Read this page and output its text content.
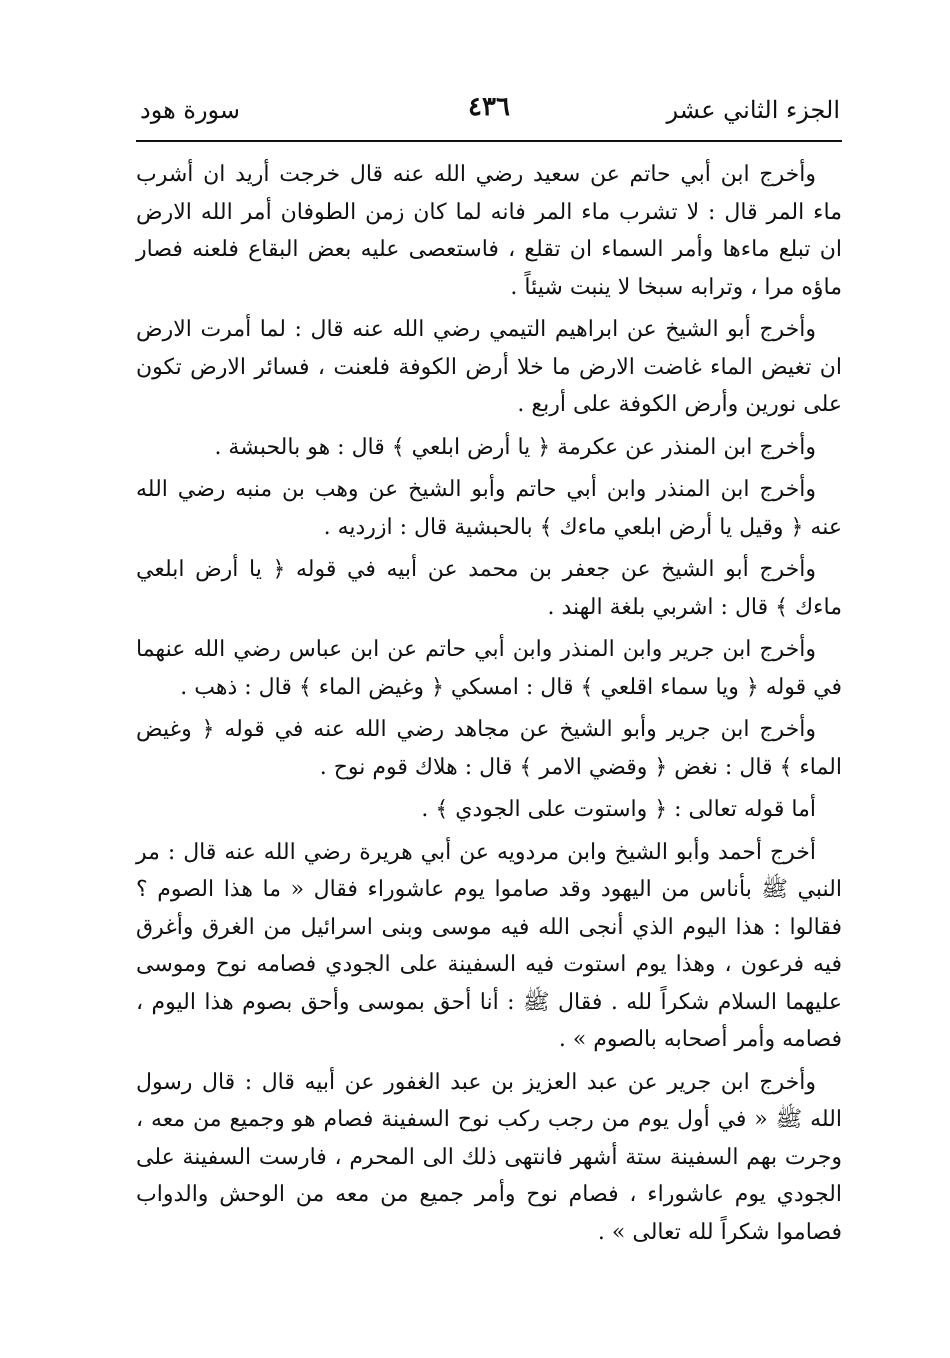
الجزء الثاني عشر
٤٣٦
سورة هود

وأخرج ابن أبي حاتم عن سعيد رضي الله عنه قال خرجت أريد ان أشرب ماء المر قال : لا تشرب ماء المر فانه لما كان زمن الطوفان أمر الله الارض ان تبلع ماءها وأمر السماء ان تقلع ، فاستعصى عليه بعض البقاع فلعنه فصار ماؤه مرا ، وترابه سبخا لا ينبت شيئاً .

وأخرج أبو الشيخ عن ابراهيم التيمي رضي الله عنه قال : لما أمرت الارض ان تغيض الماء غاضت الارض ما خلا أرض الكوفة فلعنت ، فسائر الارض تكون على نورين وأرض الكوفة على أربع .

وأخرج ابن المنذر عن عكرمة ﴿ يا أرض ابلعي ﴾ قال : هو بالحبشة .

وأخرج ابن المنذر وابن أبي حاتم وأبو الشيخ عن وهب بن منبه رضي الله عنه ﴿ وقيل يا أرض ابلعي ماءك ﴾ بالحبشية قال : ازرديه .

وأخرج أبو الشيخ عن جعفر بن محمد عن أبيه في قوله ﴿ يا أرض ابلعي ماءك ﴾ قال : اشربي بلغة الهند .

وأخرج ابن جرير وابن المنذر وابن أبي حاتم عن ابن عباس رضي الله عنهما في قوله ﴿ ويا سماء اقلعي ﴾ قال : امسكي ﴿ وغيض الماء ﴾ قال : ذهب .

وأخرج ابن جرير وأبو الشيخ عن مجاهد رضي الله عنه في قوله ﴿ وغيض الماء ﴾ قال : نغض ﴿ وقضي الامر ﴾ قال : هلاك قوم نوح .

أما قوله تعالى : ﴿ واستوت على الجودي ﴾ .

أخرج أحمد وأبو الشيخ وابن مردويه عن أبي هريرة رضي الله عنه قال : مر النبي ﷺ بأناس من اليهود وقد صاموا يوم عاشوراء فقال « ما هذا الصوم ؟ فقالوا : هذا اليوم الذي أنجى الله فيه موسى وبنى اسرائيل من الغرق وأغرق فيه فرعون ، وهذا يوم استوت فيه السفينة على الجودي فصامه نوح وموسى عليهما السلام شكراً لله . فقال ﷺ : أنا أحق بموسى وأحق بصوم هذا اليوم ، فصامه وأمر أصحابه بالصوم » .

وأخرج ابن جرير عن عبد العزيز بن عبد الغفور عن أبيه قال : قال رسول الله ﷺ « في أول يوم من رجب ركب نوح السفينة فصام هو وجميع من معه ، وجرت بهم السفينة ستة أشهر فانتهى ذلك الى المحرم ، فارست السفينة على الجودي يوم عاشوراء ، فصام نوح وأمر جميع من معه من الوحش والدواب فصاموا شكراً لله تعالى » .
